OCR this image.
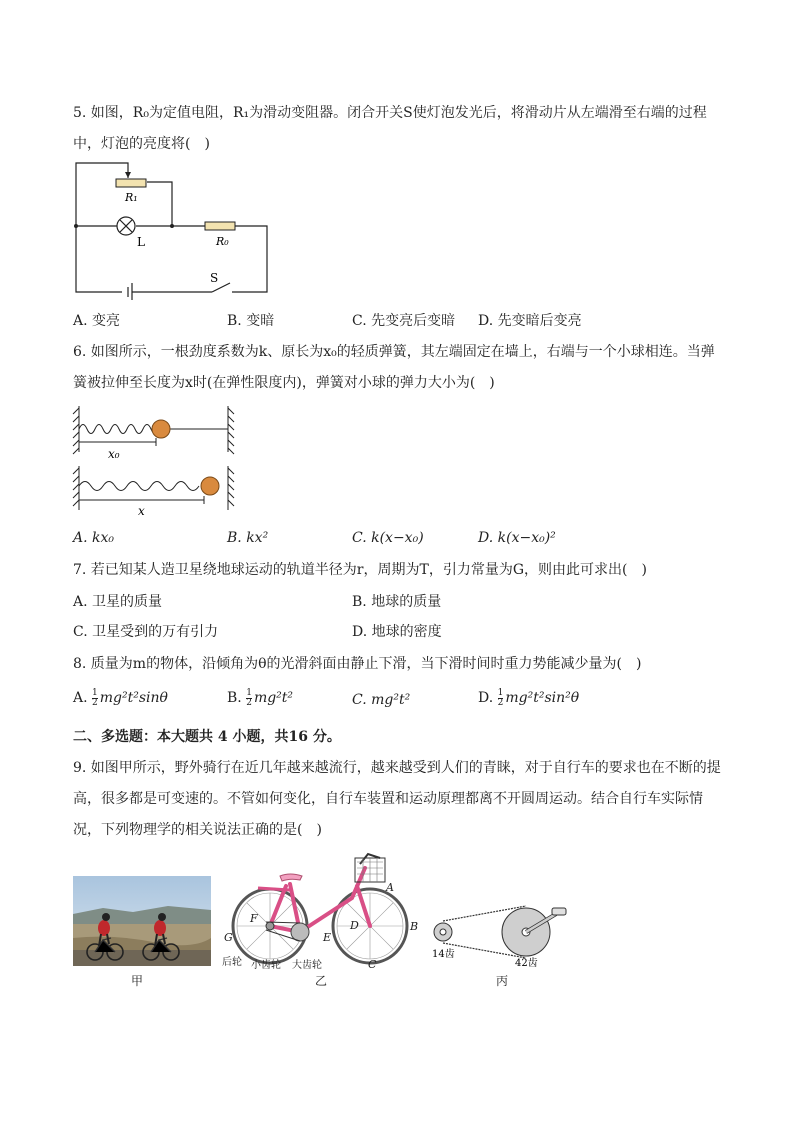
5. 如图，R₀为定值电阻，R₁为滑动变阻器。闭合开关S使灯泡发光后，将滑动片从左端滑至右端的过程
中，灯泡的亮度将(　)
R₁
L	R₀
S
A. 变亮	B. 变暗	C. 先变亮后变暗 D. 先变暗后变亮
6. 如图所示，一根劲度系数为k、原长为x₀的轻质弹簧，其左端固定在墙上，右端与一个小球相连。当弹
簧被拉伸至长度为x时(在弹性限度内)，弹簧对小球的弹力大小为(　)
x₀
x
A. kx₀	B. kx²	C. k(x−x₀)	D. k(x−x₀)²
7. 若已知某人造卫星绕地球运动的轨道半径为r，周期为T，引力常量为G，则由此可求出(　)
A. 卫星的质量	B. 地球的质量
C. 卫星受到的万有引力	D. 地球的密度
8. 质量为m的物体，沿倾角为θ的光滑斜面由静止下滑，当下滑时间时重力势能减少量为(　)
A. $\frac{1}{2} mg^2t^2\sin\theta$	B. $\frac{1}{2} mg^2t^2$	C. mg²t²	D. $\frac{1}{2} mg^2t^2\sin^2\theta$
二、多选题：本大题共 4 小题，共16 分。
9. 如图甲所示，野外骑行在近几年越来越流行，越来越受到人们的青睐，对于自行车的要求也在不断的提
高，很多都是可变速的。不管如何变化，自行车装置和运动原理都离不开圆周运动。结合自行车实际情
况，下列物理学的相关说法正确的是(　)
A
B
C
D
E
F
G
后轮 小齿轮 大齿轮
14齿
42齿
甲	乙	丙
